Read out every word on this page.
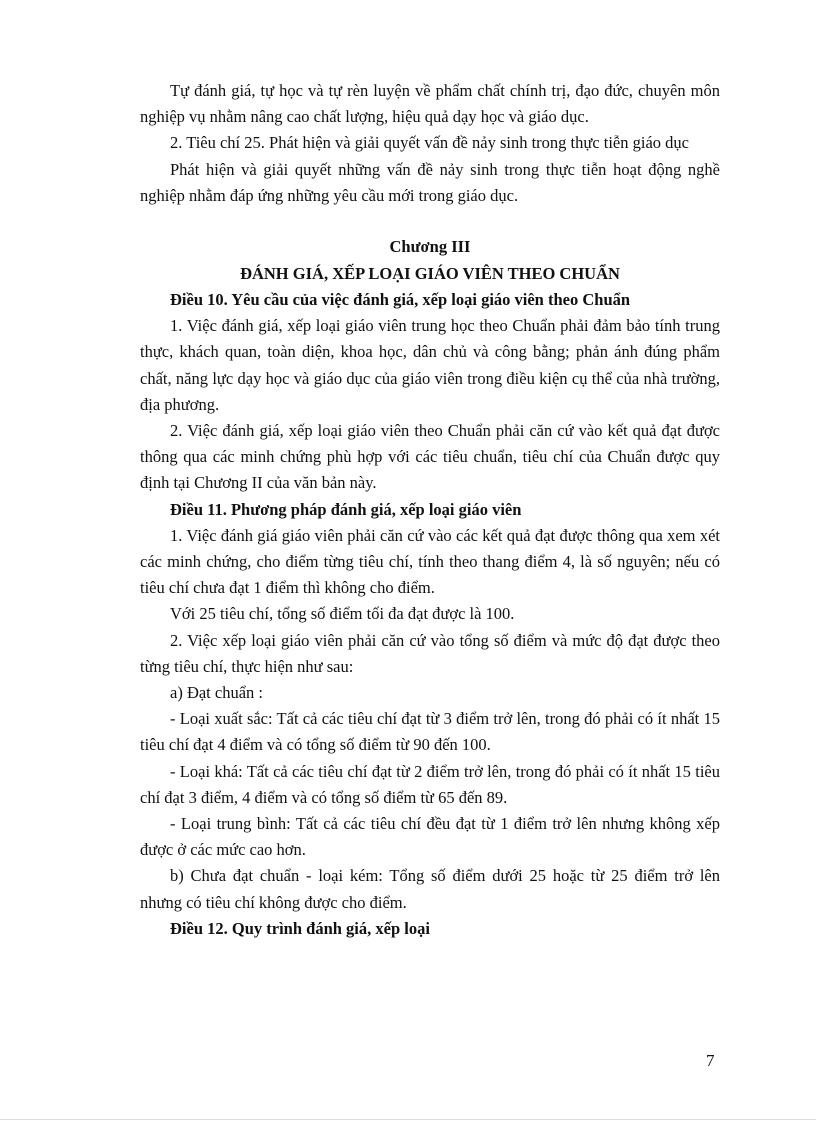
Tự đánh giá, tự học và tự rèn luyện về phẩm chất chính trị, đạo đức, chuyên môn nghiệp vụ nhằm nâng cao chất lượng, hiệu quả dạy học và giáo dục.

2. Tiêu chí 25. Phát hiện và giải quyết vấn đề nảy sinh trong thực tiễn giáo dục

Phát hiện và giải quyết những vấn đề nảy sinh trong thực tiễn hoạt động nghề nghiệp nhằm đáp ứng những yêu cầu mới trong giáo dục.

Chương III

ĐÁNH GIÁ, XẾP LOẠI GIÁO VIÊN THEO CHUẨN

Điều 10. Yêu cầu của việc đánh giá, xếp loại giáo viên theo Chuẩn

1. Việc đánh giá, xếp loại giáo viên trung học theo Chuẩn phải đảm bảo tính trung thực, khách quan, toàn diện, khoa học, dân chủ và công bằng; phản ánh đúng phẩm chất, năng lực dạy học và giáo dục của giáo viên trong điều kiện cụ thể của nhà trường, địa phương.

2. Việc đánh giá, xếp loại giáo viên theo Chuẩn phải căn cứ vào kết quả đạt được thông qua các minh chứng phù hợp với các tiêu chuẩn, tiêu chí của Chuẩn được quy định tại Chương II của văn bản này.

Điều 11. Phương pháp đánh giá, xếp loại giáo viên

1. Việc đánh giá giáo viên phải căn cứ vào các kết quả đạt được thông qua xem xét các minh chứng, cho điểm từng tiêu chí, tính theo thang điểm 4, là số nguyên; nếu có tiêu chí chưa đạt 1 điểm thì không cho điểm.

Với 25 tiêu chí, tổng số điểm tối đa đạt được là 100.

2. Việc xếp loại giáo viên phải căn cứ vào tổng số điểm và mức độ đạt được theo từng tiêu chí, thực hiện như sau:

a) Đạt chuẩn :

- Loại xuất sắc: Tất cả các tiêu chí đạt từ 3 điểm trở lên, trong đó phải có ít nhất 15 tiêu chí đạt 4 điểm và có tổng số điểm từ 90 đến 100.

- Loại khá: Tất cả các tiêu chí đạt từ 2 điểm trở lên, trong đó phải có ít nhất 15 tiêu chí đạt 3 điểm, 4 điểm và có tổng số điểm từ 65 đến 89.

- Loại trung bình: Tất cả các tiêu chí đều đạt từ 1 điểm trở lên nhưng không xếp được ở các mức cao hơn.

b) Chưa đạt chuẩn - loại kém: Tổng số điểm dưới 25 hoặc từ 25 điểm trở lên nhưng có tiêu chí không được cho điểm.

Điều 12. Quy trình đánh giá, xếp loại

7
